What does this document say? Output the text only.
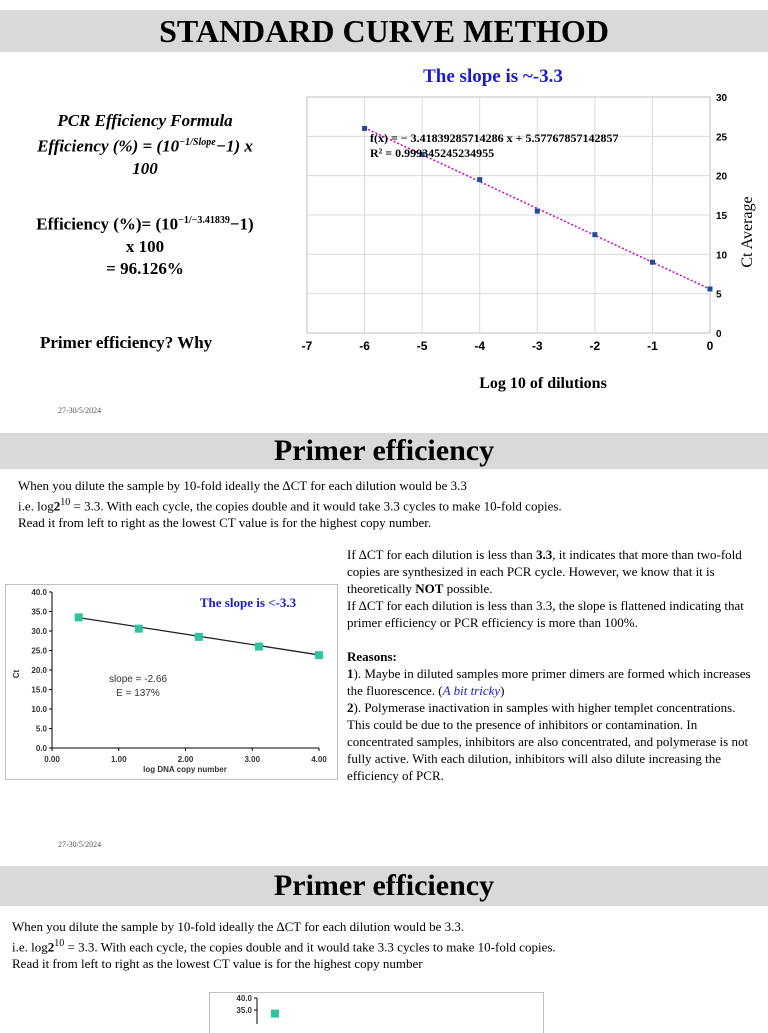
STANDARD CURVE METHOD
PCR Efficiency Formula
Efficiency (%) = $(10^{-1/Slope}-1)$ x
100
Efficiency (%)= $(10^{-1/-3.41839}-1)$
x 100
= 96.126%
Primer efficiency? Why
27-30/5/2024
The slope is ~-3.3
-7	-6	-5	-4	-3	-2	-1	0
0
5
10
15
20
25
30
f(x) = − 3.41839285714286 x + 5.57767857142857
R² = 0.999345245234955
Log 10 of dilutions
Ct Average
Primer efficiency
When you dilute the sample by 10-fold ideally the ∆CT for each dilution would be 3.3
i.e. $\log 2^{10} = 3.3$. With each cycle, the copies double and it would take 3.3 cycles to make 10-fold copies.
Read it from left to right as the lowest CT value is for the highest copy number.
0.00	1.00	2.00	3.00	4.00
0.0
5.0
10.0
15.0
20.0
25.0
30.0
35.0
40.0
The slope is <-3.3
slope = -2.66
E = 137%
log DNA copy number
Ct
If ∆CT for each dilution is less than 3.3, it indicates that more than two-fold copies are synthesized in each PCR cycle. However, we know that it is theoretically NOT possible.
If ∆CT for each dilution is less than 3.3, the slope is flattened indicating that primer efficiency or PCR efficiency is more than 100%.
Reasons:
1). Maybe in diluted samples more primer dimers are formed which increases the fluorescence. (A bit tricky)
2). Polymerase inactivation in samples with higher templet concentrations.
This could be due to the presence of inhibitors or contamination. In concentrated samples, inhibitors are also concentrated, and polymerase is not fully active. With each dilution, inhibitors will also dilute increasing the efficiency of PCR.
27-30/5/2024
Primer efficiency
When you dilute the sample by 10-fold ideally the ∆CT for each dilution would be 3.3.
i.e. $\log 2^{10} = 3.3$. With each cycle, the copies double and it would take 3.3 cycles to make 10-fold copies.
Read it from left to right as the lowest CT value is for the highest copy number
40.0
35.0
